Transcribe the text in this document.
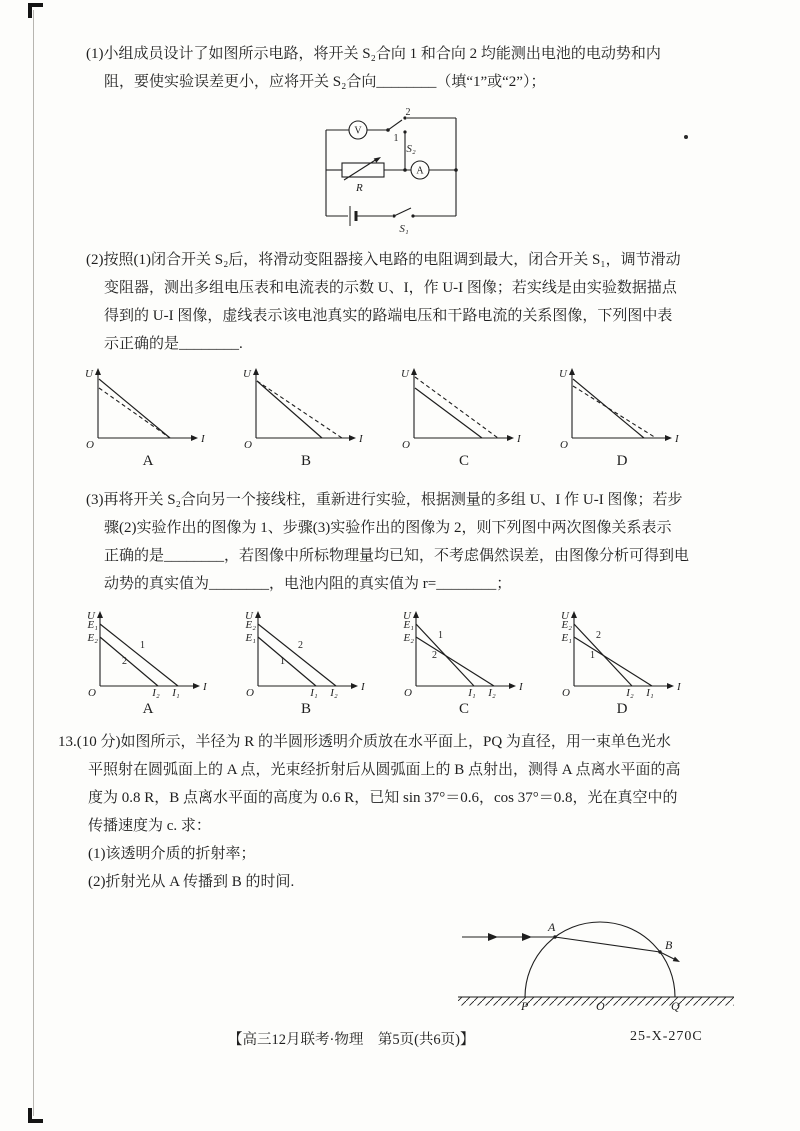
(1)小组成员设计了如图所示电路，将开关 S₂合向 1 和合向 2 均能测出电池的电动势和内
阻，要使实验误差更小，应将开关 S₂合向________（填“1”或“2”）；
V
2
1
S₂
R
A
S₁
(2)按照(1)闭合开关 S₂后，将滑动变阻器接入电路的电阻调到最大，闭合开关 S₁，调节滑动
变阻器，测出多组电压表和电流表的示数 U、I，作 U-I 图像；若实线是由实验数据描点
得到的 U-I 图像，虚线表示该电池真实的路端电压和干路电流的关系图像，下列图中表
示正确的是________.
U
I
O
A
U
I
O
B
U
I
O
C
U
I
O
D
(3)再将开关 S₂合向另一个接线柱，重新进行实验，根据测量的多组 U、I 作 U-I 图像；若步
骤(2)实验作出的图像为 1、步骤(3)实验作出的图像为 2，则下列图中两次图像关系表示
正确的是________，若图像中所标物理量均已知，不考虑偶然误差，由图像分析可得到电
动势的真实值为________，电池内阻的真实值为 r=________；
U
I
O
E₁
E₂
1
2
I₂ I₁
A
U
I
O
E₂
E₁
2
1
I₁ I₂
B
U
I
O
E₁
E₂ 1
2
I₁ I₂
C
U
I
O
E₂
E₁ 2
1
I₂ I₁
D
13.(10 分)如图所示，半径为 R 的半圆形透明介质放在水平面上，PQ 为直径，用一束单色光水
平照射在圆弧面上的 A 点，光束经折射后从圆弧面上的 B 点射出，测得 A 点离水平面的高
度为 0.8 R，B 点离水平面的高度为 0.6 R，已知 sin 37°＝0.6，cos 37°＝0.8，光在真空中的
传播速度为 c. 求：
(1)该透明介质的折射率；
(2)折射光从 A 传播到 B 的时间.
A
B
P	O	Q
【高三12月联考·物理　第5页(共6页)】	25-X-270C
